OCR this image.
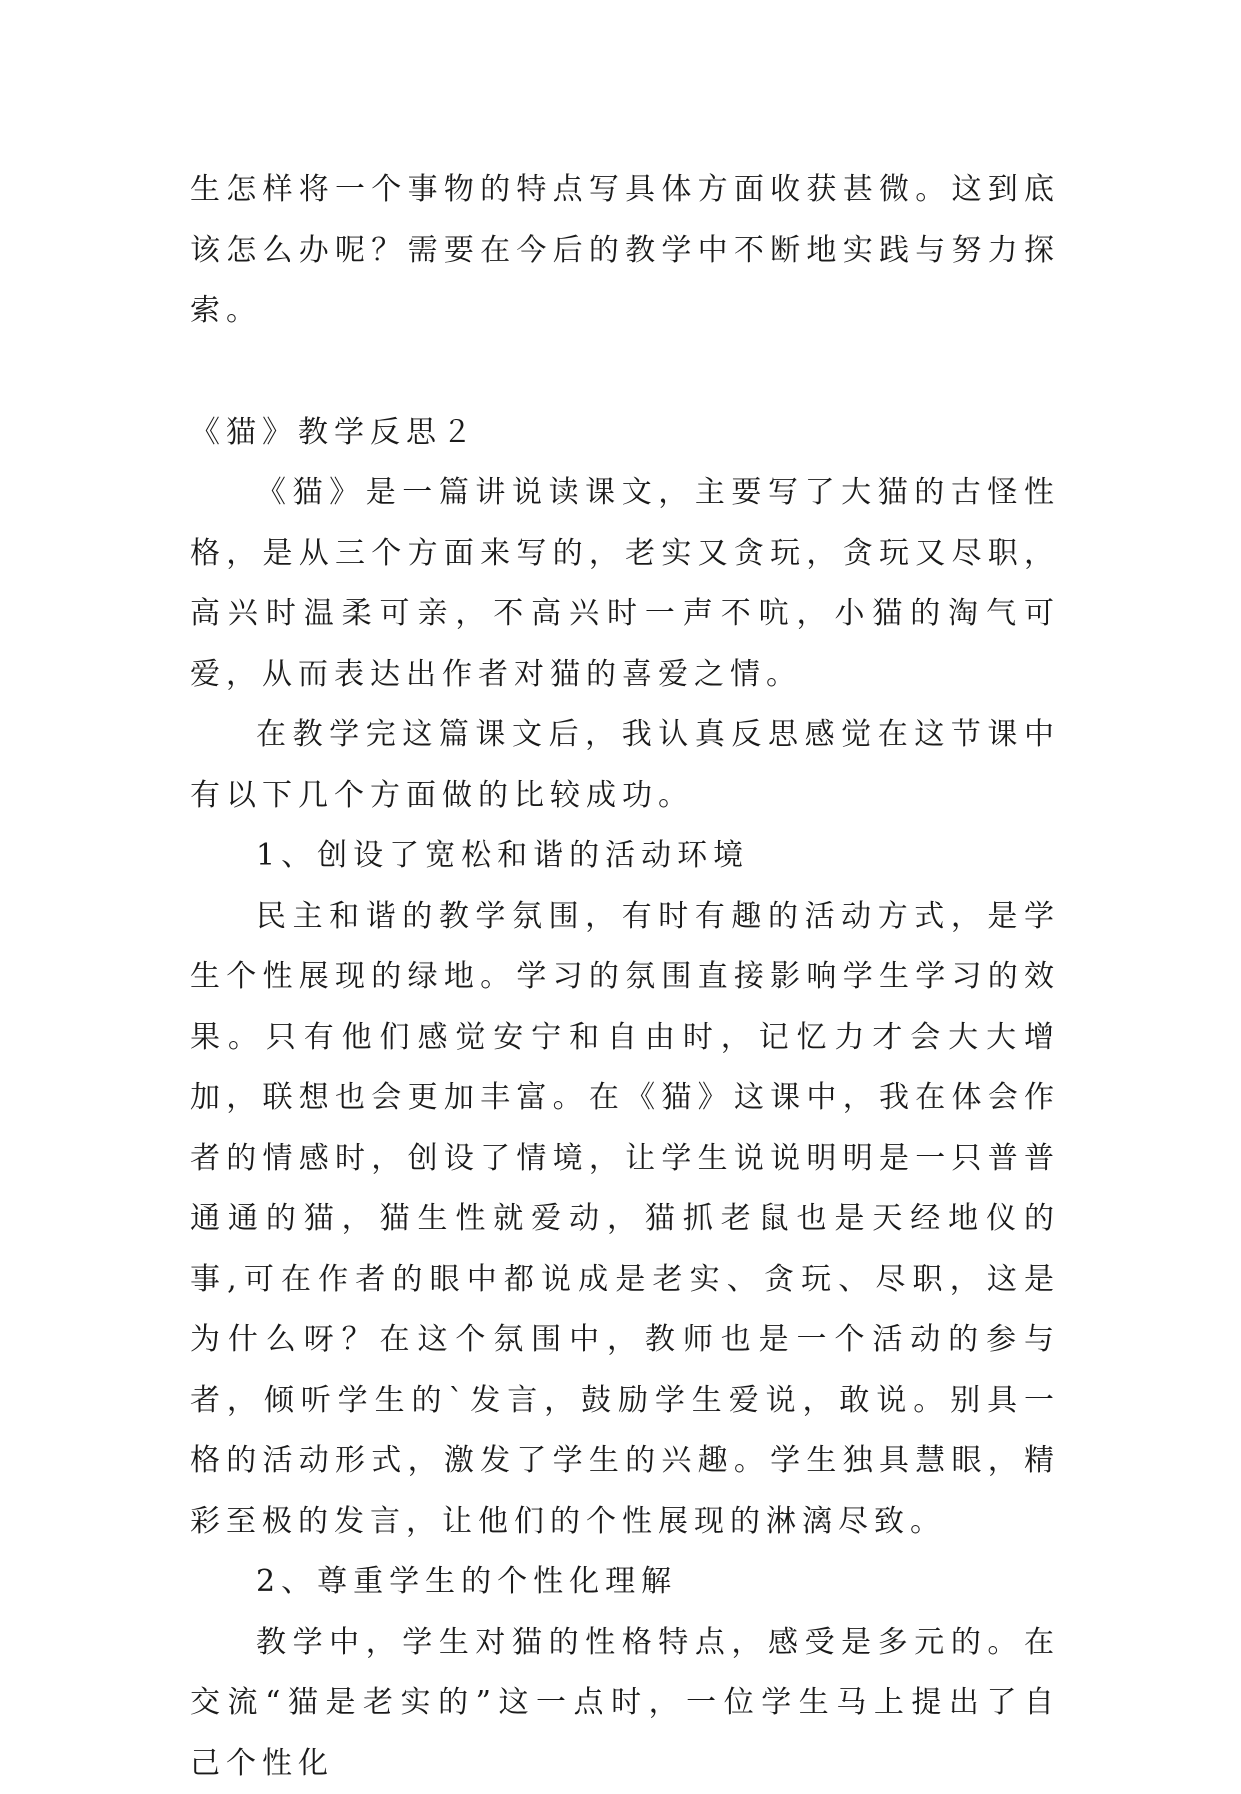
生怎样将一个事物的特点写具体方面收获甚微。这到底该怎么办呢？需要在今后的教学中不断地实践与努力探索。

《猫》教学反思２

《猫》是一篇讲说读课文，主要写了大猫的古怪性格，是从三个方面来写的，老实又贪玩，贪玩又尽职，高兴时温柔可亲，不高兴时一声不吭，小猫的淘气可爱，从而表达出作者对猫的喜爱之情。

在教学完这篇课文后，我认真反思感觉在这节课中有以下几个方面做的比较成功。

1、创设了宽松和谐的活动环境

民主和谐的教学氛围，有时有趣的活动方式，是学生个性展现的绿地。学习的氛围直接影响学生学习的效果。只有他们感觉安宁和自由时，记忆力才会大大增加，联想也会更加丰富。在《猫》这课中，我在体会作者的情感时，创设了情境，让学生说说明明是一只普普通通的猫，猫生性就爱动，猫抓老鼠也是天经地仪的事,可在作者的眼中都说成是老实、贪玩、尽职，这是为什么呀？在这个氛围中，教师也是一个活动的参与者，倾听学生的`发言，鼓励学生爱说，敢说。别具一格的活动形式，激发了学生的兴趣。学生独具慧眼，精彩至极的发言，让他们的个性展现的淋漓尽致。

2、尊重学生的个性化理解

教学中，学生对猫的性格特点，感受是多元的。在交流“猫是老实的”这一点时，一位学生马上提出了自己个性化
